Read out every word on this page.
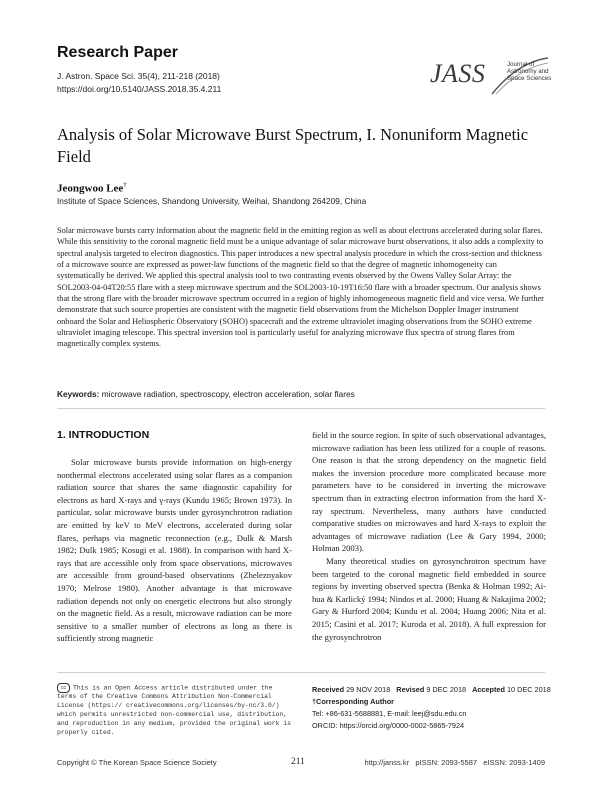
Research Paper
J. Astron. Space Sci. 35(4), 211-218 (2018)
https://doi.org/10.5140/JASS.2018.35.4.211
JASS	Journal of
Astronomy and
Space Sciences
Analysis of Solar Microwave Burst Spectrum, I. Nonuniform Magnetic Field
Jeongwoo Lee†
Institute of Space Sciences, Shandong University, Weihai, Shandong 264209, China
Solar microwave bursts carry information about the magnetic field in the emitting region as well as about electrons accelerated during solar flares. While this sensitivity to the coronal magnetic field must be a unique advantage of solar microwave burst observations, it also adds a complexity to spectral analysis targeted to electron diagnostics. This paper introduces a new spectral analysis procedure in which the cross-section and thickness of a microwave source are expressed as power-law functions of the magnetic field so that the degree of magnetic inhomogeneity can systematically be derived. We applied this spectral analysis tool to two contrasting events observed by the Owens Valley Solar Array: the SOL2003-04-04T20:55 flare with a steep microwave spectrum and the SOL2003-10-19T16:50 flare with a broader spectrum. Our analysis shows that the strong flare with the broader microwave spectrum occurred in a region of highly inhomogeneous magnetic field and vice versa. We further demonstrate that such source properties are consistent with the magnetic field observations from the Michelson Doppler Imager instrument onboard the Solar and Heliospheric Observatory (SOHO) spacecraft and the extreme ultraviolet imaging observations from the SOHO extreme ultraviolet imaging telescope. This spectral inversion tool is particularly useful for analyzing microwave flux spectra of strong flares from magnetically complex systems.
Keywords: microwave radiation, spectroscopy, electron acceleration, solar flares
1. INTRODUCTION

Solar microwave bursts provide information on high-energy nonthermal electrons accelerated using solar flares as a companion radiation source that shares the same diagnostic capability for electrons as hard X-rays and γ-rays (Kundu 1965; Brown 1973). In particular, solar microwave bursts under gyrosynchrotron radiation are emitted by keV to MeV electrons, accelerated during solar flares, perhaps via magnetic reconnection (e.g., Dulk & Marsh 1982; Dulk 1985; Kosugi et al. 1988). In comparison with hard X-rays that are accessible only from space observations, microwaves are accessible from ground-based observations (Zheleznyakov 1970; Melrose 1980). Another advantage is that microwave radiation depends not only on energetic electrons but also strongly on the magnetic field. As a result, microwave radiation can be more sensitive to a smaller number of electrons as long as there is sufficiently strong magnetic

field in the source region. In spite of such observational advantages, microwave radiation has been less utilized for a couple of reasons. One reason is that the strong dependency on the magnetic field makes the inversion procedure more complicated because more parameters have to be considered in inverting the microwave spectrum than in extracting electron information from the hard X-ray spectrum. Nevertheless, many authors have conducted comparative studies on microwaves and hard X-rays to exploit the advantages of microwave radiation (Lee & Gary 1994, 2000; Holman 2003).

Many theoretical studies on gyrosynchrotron spectrum have been targeted to the coronal magnetic field embedded in source regions by inverting observed spectra (Benka & Holman 1992; Ai-hua & Karlický 1994; Nindos et al. 2000; Huang & Nakajima 2002; Gary & Hurford 2004; Kundu et al. 2004; Huang 2006; Nita et al. 2015; Casini et al. 2017; Kuroda et al. 2018). A full expression for the gyrosynchrotron

cc This is an Open Access article distributed under the terms of the Creative Commons Attribution Non-Commercial License (https:// creativecommons.org/licenses/by-nc/3.0/) which permits unrestricted non-commercial use, distribution, and reproduction in any medium, provided the original work is properly cited.
Received 29 NOV 2018 Revised 9 DEC 2018 Accepted 10 DEC 2018
†Corresponding Author
Tel: +86-631-5688881, E-mail: leej@sdu.edu.cn
ORCID: https://orcid.org/0000-0002-5865-7924
Copyright © The Korean Space Science Society	211	http://janss.kr   pISSN: 2093-5587   eISSN: 2093-1409
